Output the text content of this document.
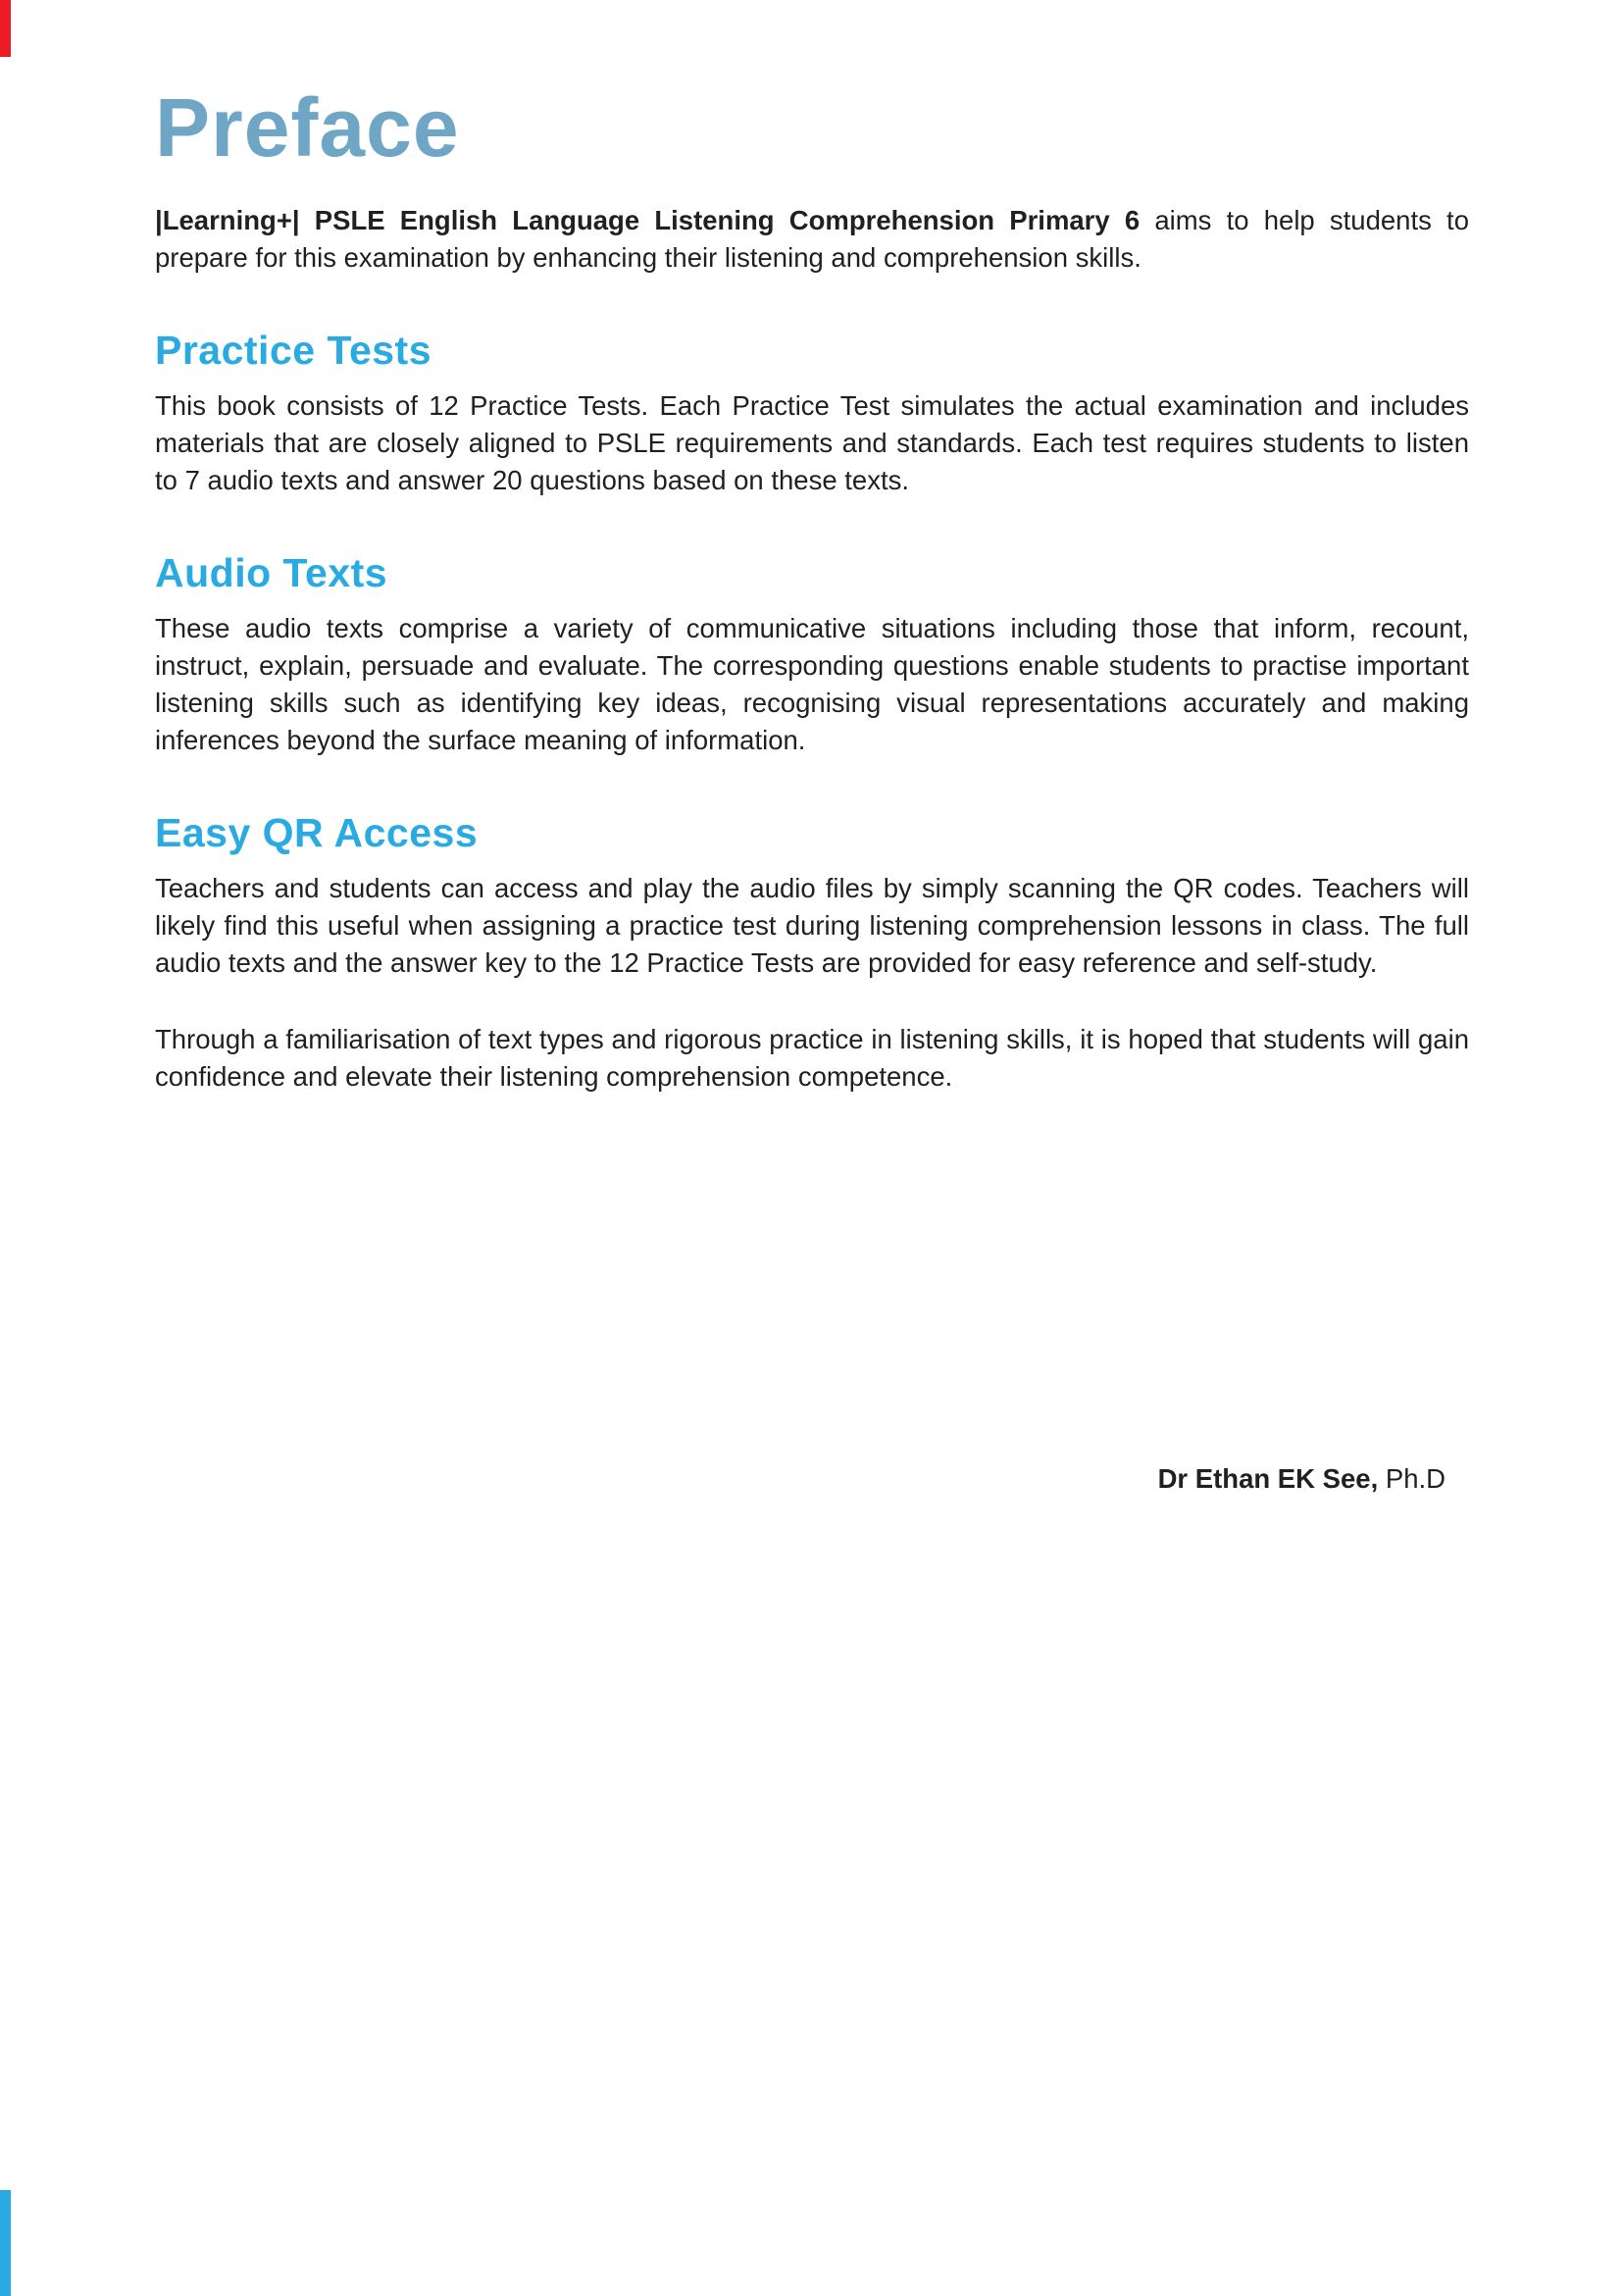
Preface

|Learning+| PSLE English Language Listening Comprehension Primary 6 aims to help students to prepare for this examination by enhancing their listening and comprehension skills.

Practice Tests

This book consists of 12 Practice Tests. Each Practice Test simulates the actual examination and includes materials that are closely aligned to PSLE requirements and standards. Each test requires students to listen to 7 audio texts and answer 20 questions based on these texts.

Audio Texts

These audio texts comprise a variety of communicative situations including those that inform, recount, instruct, explain, persuade and evaluate. The corresponding questions enable students to practise important listening skills such as identifying key ideas, recognising visual representations accurately and making inferences beyond the surface meaning of information.

Easy QR Access

Teachers and students can access and play the audio files by simply scanning the QR codes. Teachers will likely find this useful when assigning a practice test during listening comprehension lessons in class. The full audio texts and the answer key to the 12 Practice Tests are provided for easy reference and self-study.

Through a familiarisation of text types and rigorous practice in listening skills, it is hoped that students will gain confidence and elevate their listening comprehension competence.

Dr Ethan EK See, Ph.D
